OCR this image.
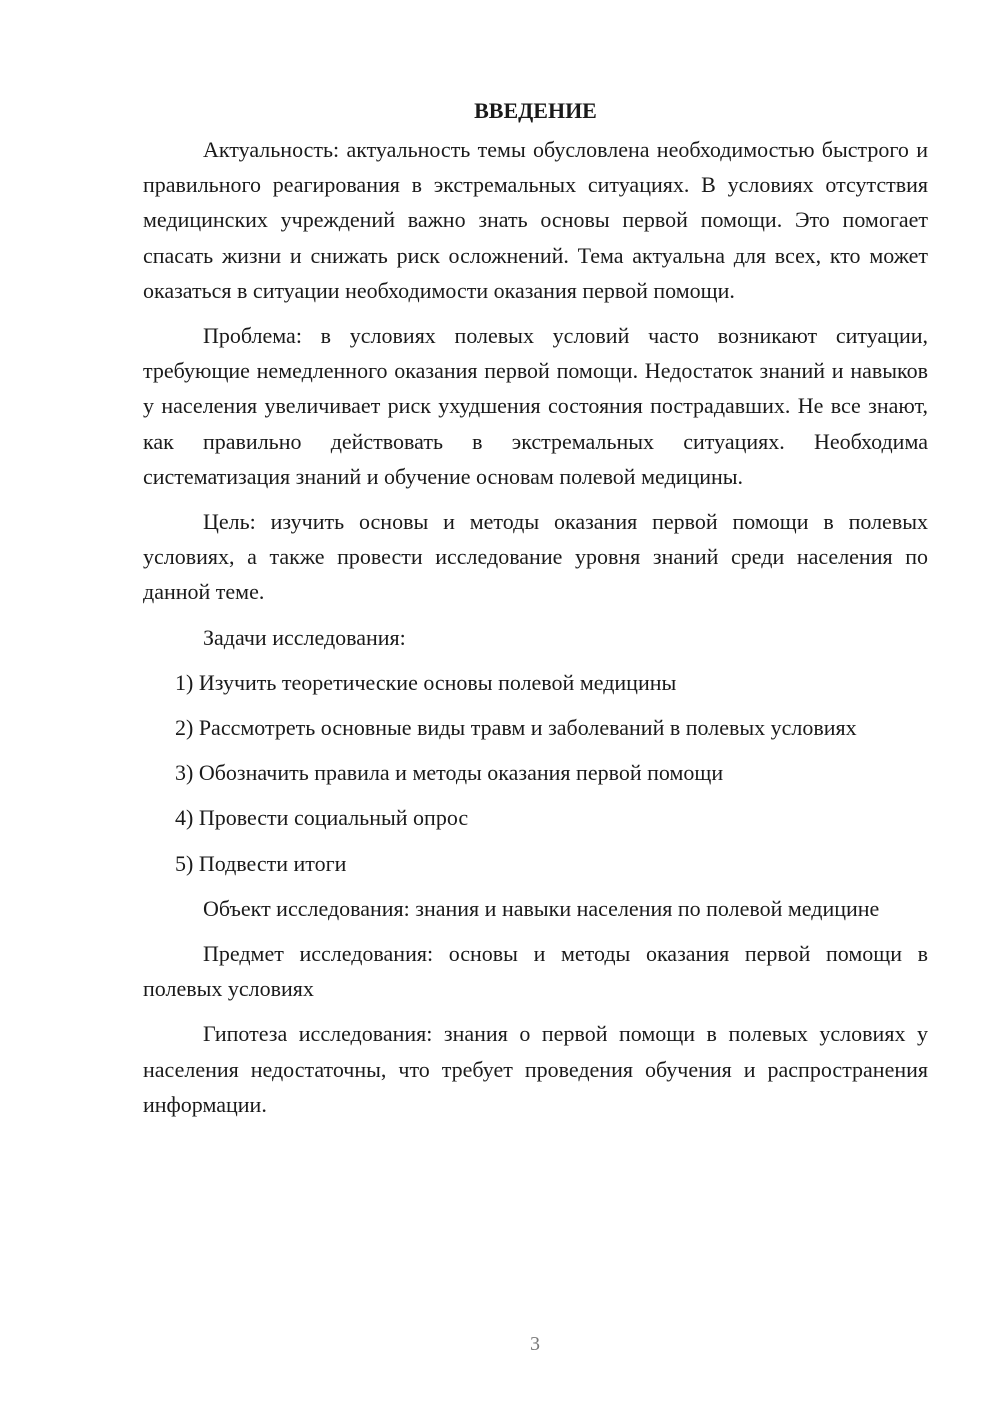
ВВЕДЕНИЕ

Актуальность: актуальность темы обусловлена необходимостью быстрого и правильного реагирования в экстремальных ситуациях. В условиях отсутствия медицинских учреждений важно знать основы первой помощи. Это помогает спасать жизни и снижать риск осложнений. Тема актуальна для всех, кто может оказаться в ситуации необходимости оказания первой помощи.

Проблема: в условиях полевых условий часто возникают ситуации, требующие немедленного оказания первой помощи. Недостаток знаний и навыков у населения увеличивает риск ухудшения состояния пострадавших. Не все знают, как правильно действовать в экстремальных ситуациях. Необходима систематизация знаний и обучение основам полевой медицины.

Цель: изучить основы и методы оказания первой помощи в полевых условиях, а также провести исследование уровня знаний среди населения по данной теме.

Задачи исследования:

1) Изучить теоретические основы полевой медицины

2) Рассмотреть основные виды травм и заболеваний в полевых условиях

3) Обозначить правила и методы оказания первой помощи

4) Провести социальный опрос

5) Подвести итоги

Объект исследования: знания и навыки населения по полевой медицине

Предмет исследования: основы и методы оказания первой помощи в полевых условиях

Гипотеза исследования: знания о первой помощи в полевых условиях у населения недостаточны, что требует проведения обучения и распространения информации.

3
